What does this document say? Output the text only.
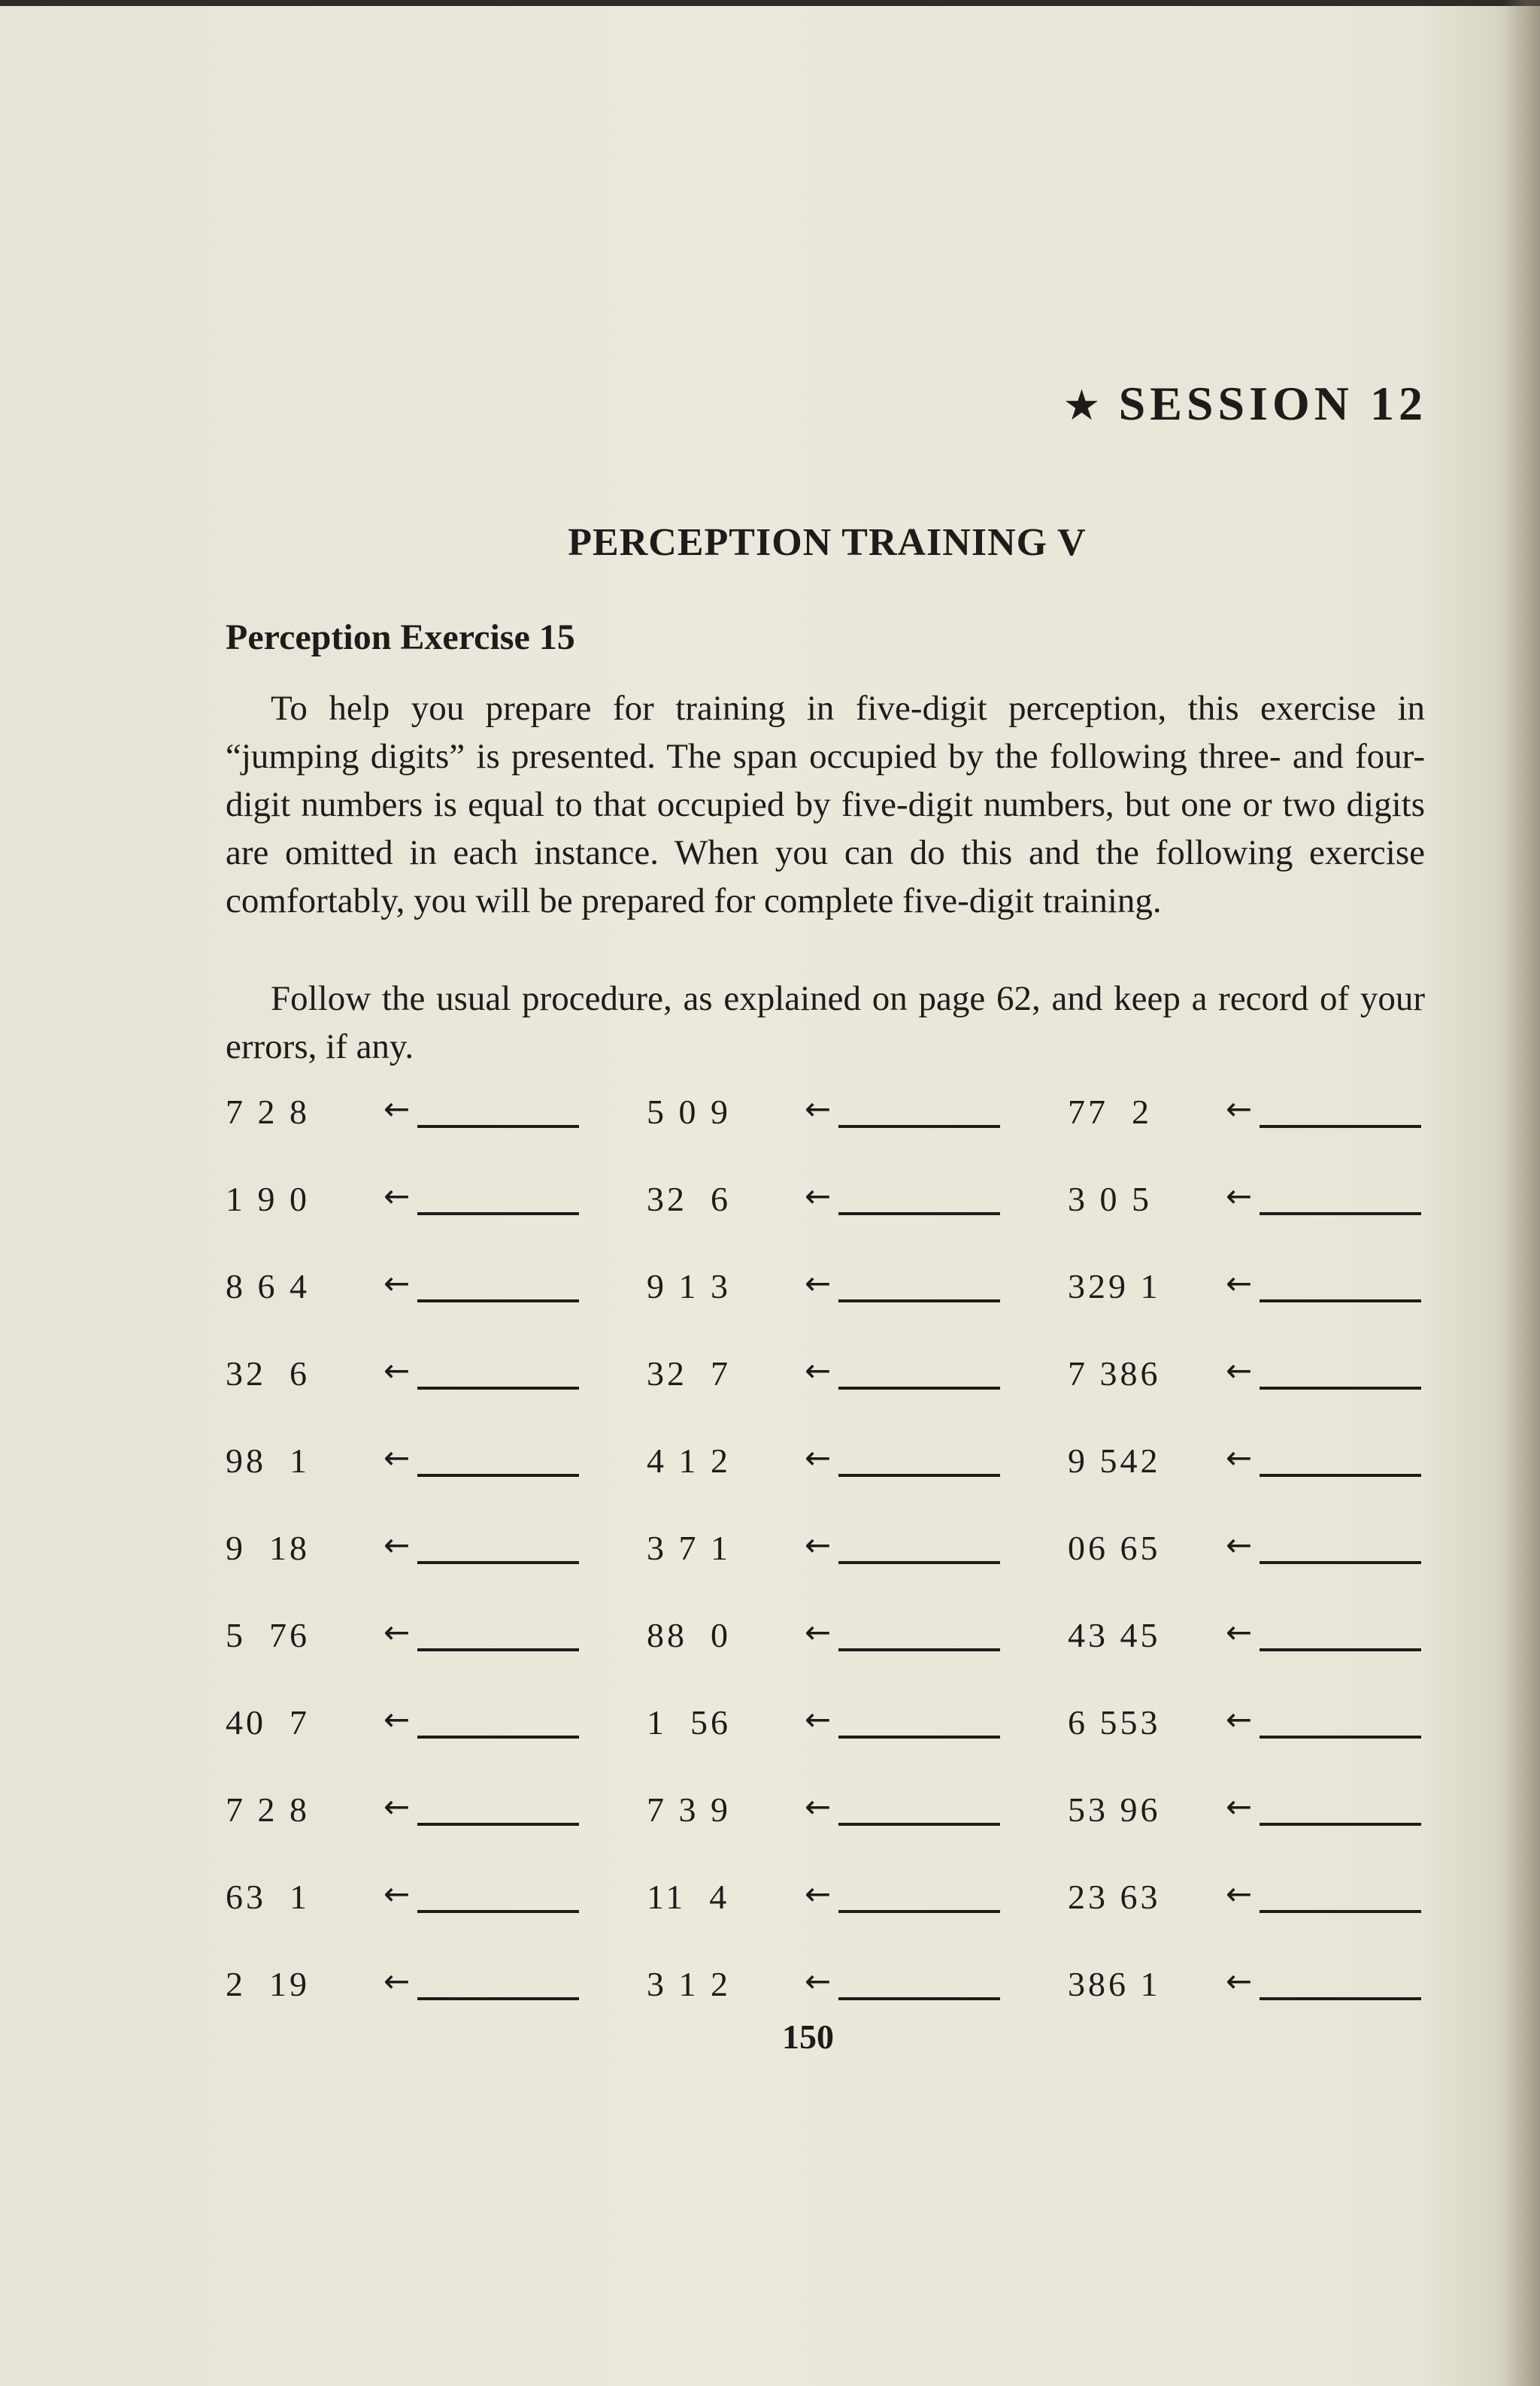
★ SESSION 12
PERCEPTION TRAINING V
Perception Exercise 15
To help you prepare for training in five-digit perception, this exercise in “jumping digits” is presented. The span occupied by the following three- and four-digit numbers is equal to that occupied by five-digit numbers, but one or two digits are omitted in each instance. When you can do this and the following exercise comfortably, you will be prepared for complete five-digit training.
Follow the usual procedure, as explained on page 62, and keep a record of your errors, if any.
7 2 8 ←	5 0 9 ←	77  2 ←
1 9 0 ←	32  6 ←	3 0 5 ←
8 6 4 ←	9 1 3 ←	329 1 ←
32  6 ←	32  7 ←	7 386 ←
98  1 ←	4 1 2 ←	9 542 ←
9  18 ←	3 7 1 ←	06 65 ←
5  76 ←	88  0 ←	43 45 ←
40  7 ←	1  56 ←	6 553 ←
7 2 8 ←	7 3 9 ←	53 96 ←
63  1 ←	11  4 ←	23 63 ←
2  19 ←	3 1 2 ←	386 1 ←
150
